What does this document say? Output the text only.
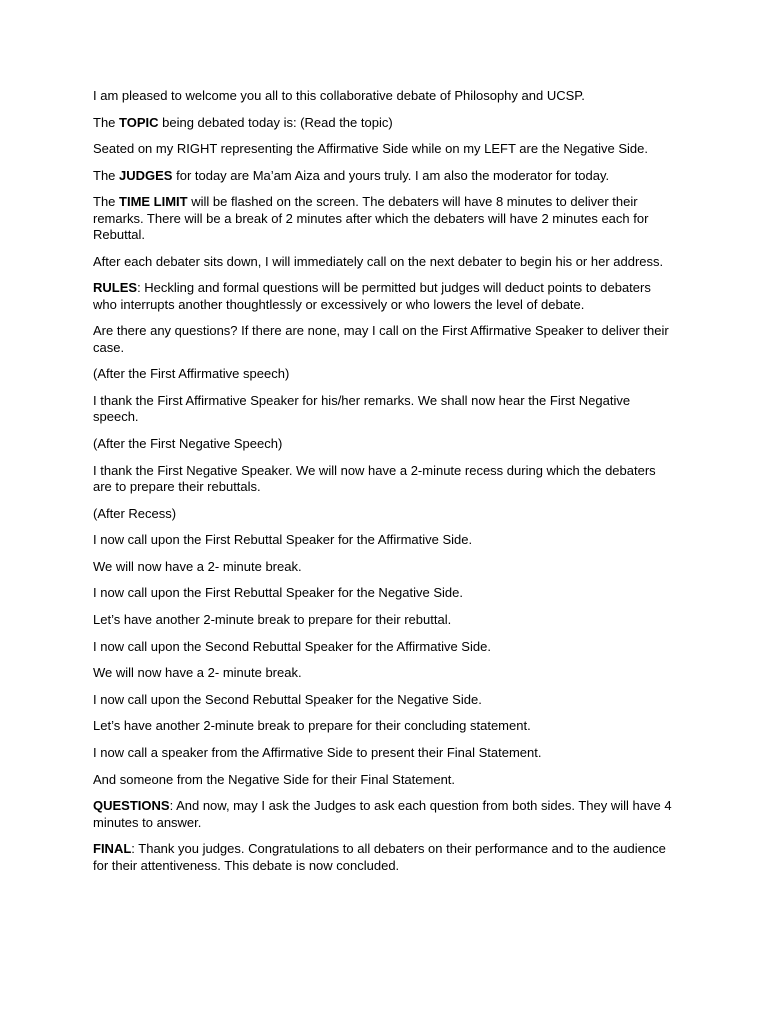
I am pleased to welcome you all to this collaborative debate of Philosophy and UCSP.

The TOPIC being debated today is: (Read the topic)

Seated on my RIGHT representing the Affirmative Side while on my LEFT are the Negative Side.

The JUDGES for today are Ma’am Aiza and yours truly. I am also the moderator for today.

The TIME LIMIT will be flashed on the screen. The debaters will have 8 minutes to deliver their remarks. There will be a break of 2 minutes after which the debaters will have 2 minutes each for Rebuttal.

After each debater sits down, I will immediately call on the next debater to begin his or her address.

RULES: Heckling and formal questions will be permitted but judges will deduct points to debaters who interrupts another thoughtlessly or excessively or who lowers the level of debate.

Are there any questions? If there are none, may I call on the First Affirmative Speaker to deliver their case.

(After the First Affirmative speech)

I thank the First Affirmative Speaker for his/her remarks. We shall now hear the First Negative speech.

(After the First Negative Speech)

I thank the First Negative Speaker. We will now have a 2-minute recess during which the debaters are to prepare their rebuttals.

(After Recess)

I now call upon the First Rebuttal Speaker for the Affirmative Side.

We will now have a 2- minute break.

I now call upon the First Rebuttal Speaker for the Negative Side.

Let’s have another 2-minute break to prepare for their rebuttal.

I now call upon the Second Rebuttal Speaker for the Affirmative Side.

We will now have a 2- minute break.

I now call upon the Second Rebuttal Speaker for the Negative Side.

Let’s have another 2-minute break to prepare for their concluding statement.

I now call a speaker from the Affirmative Side to present their Final Statement.

And someone from the Negative Side for their Final Statement.

QUESTIONS: And now, may I ask the Judges to ask each question from both sides. They will have 4 minutes to answer.

FINAL: Thank you judges. Congratulations to all debaters on their performance and to the audience for their attentiveness. This debate is now concluded.
